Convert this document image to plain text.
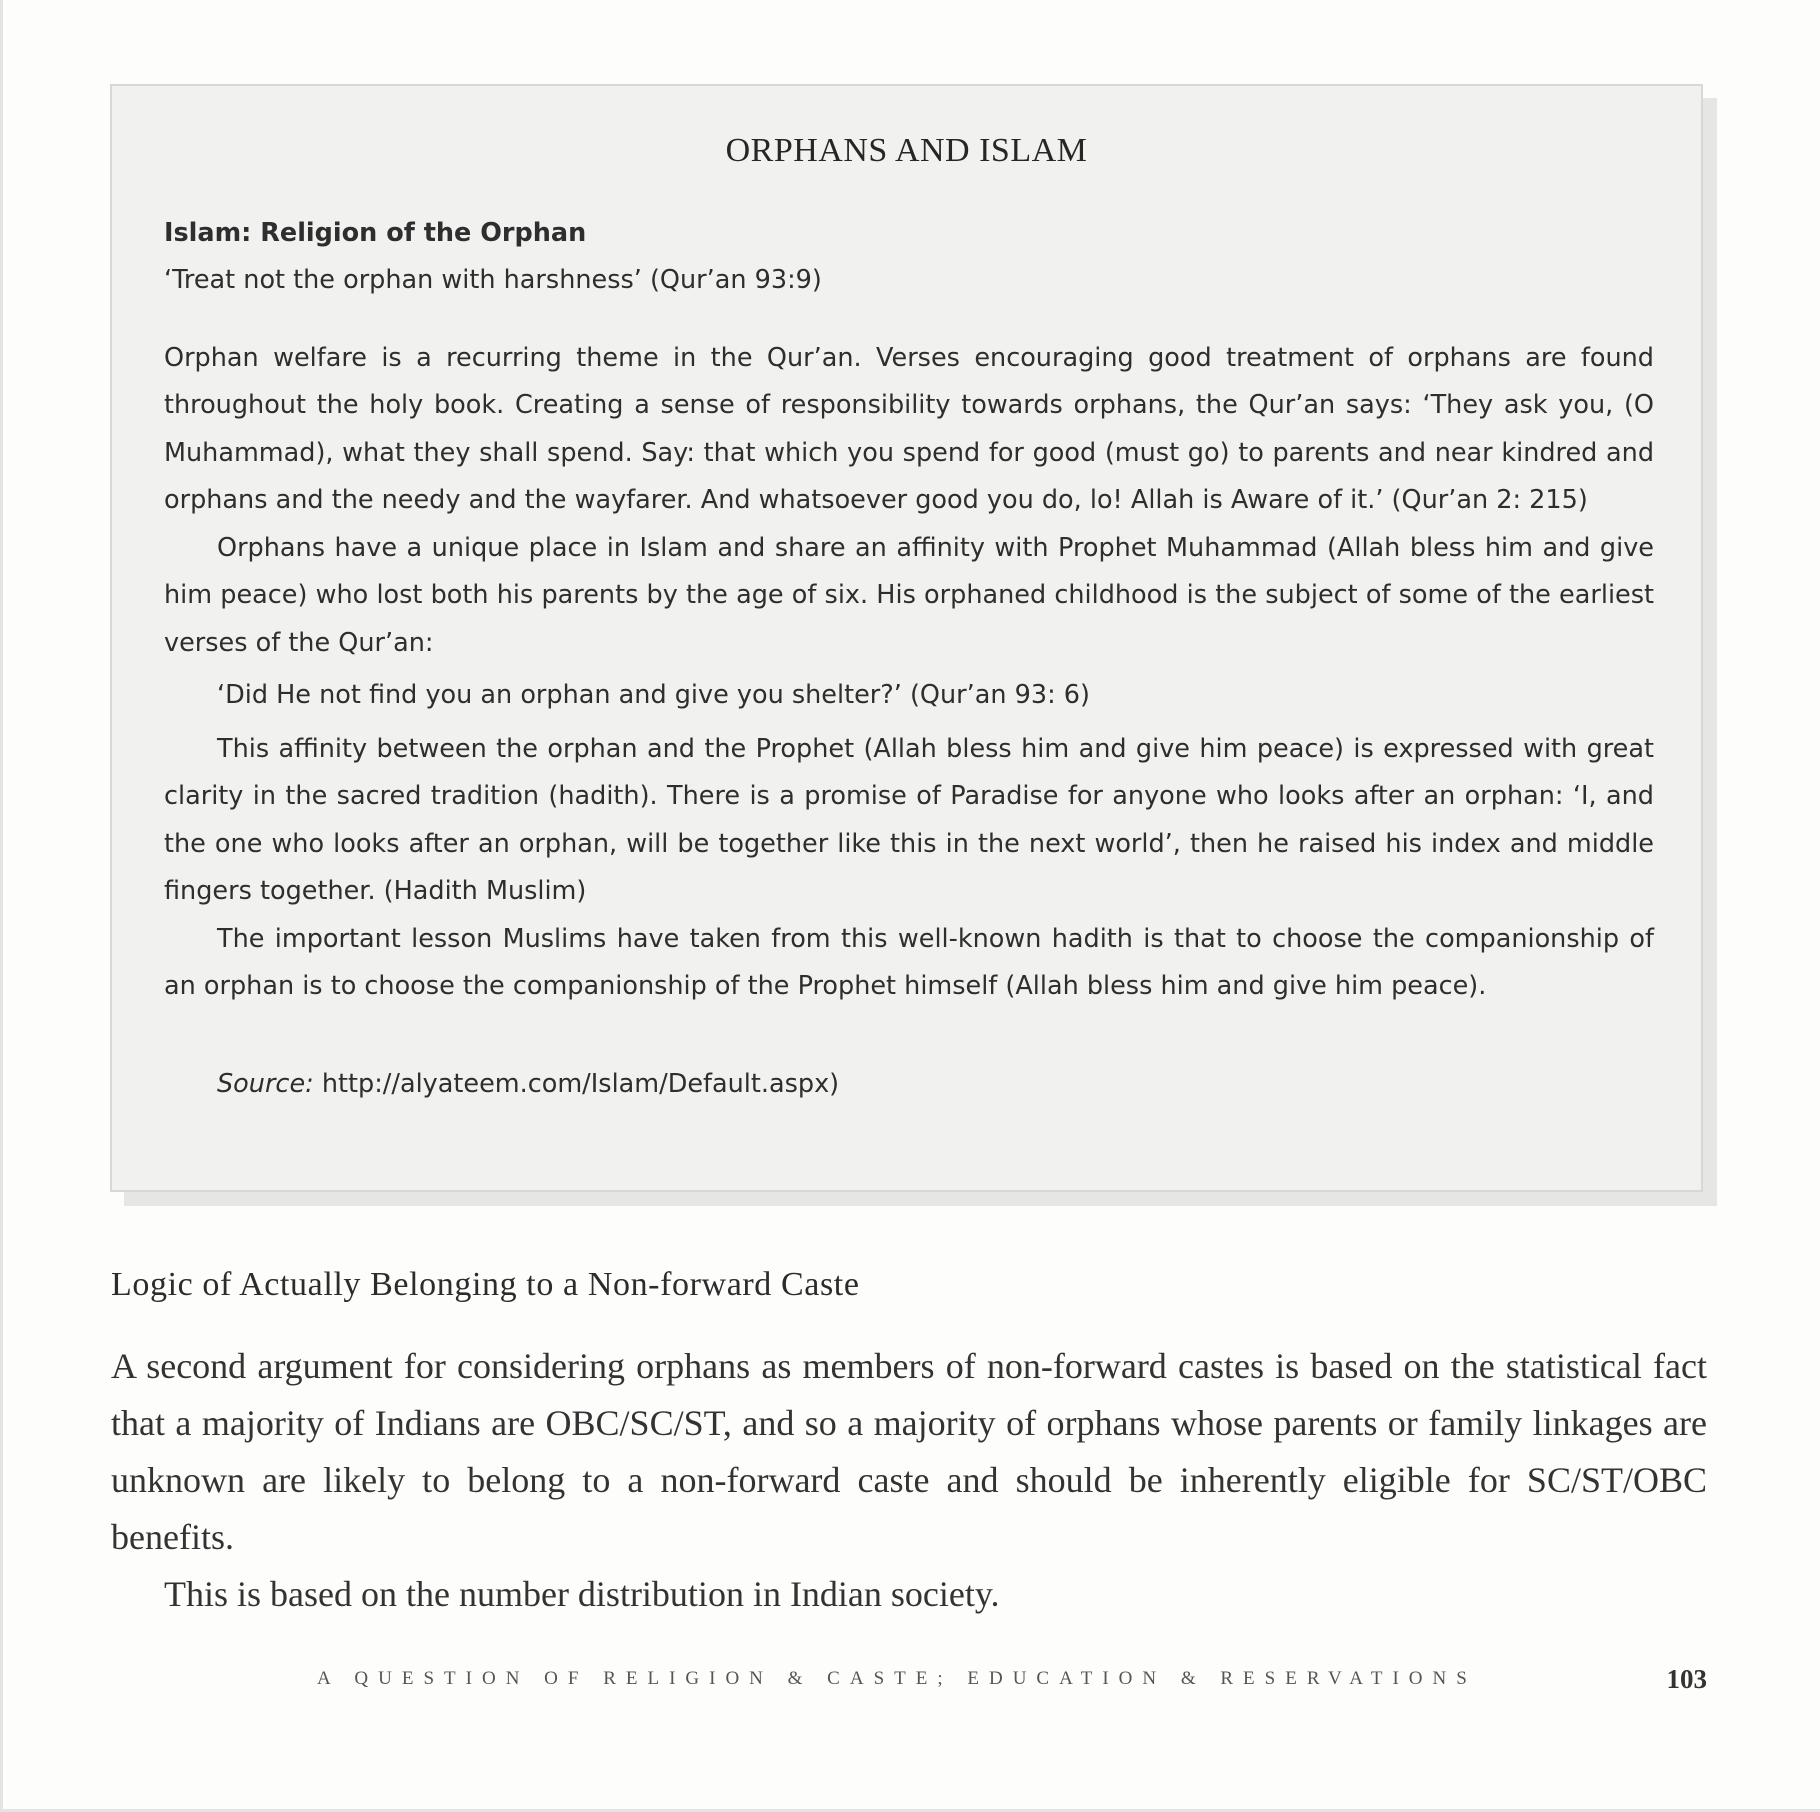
ORPHANS AND ISLAM

Islam: Religion of the Orphan

‘Treat not the orphan with harshness’ (Qur’an 93:9)

Orphan welfare is a recurring theme in the Qur’an. Verses encouraging good treatment of orphans are found throughout the holy book. Creating a sense of responsibility towards orphans, the Qur’an says: ‘They ask you, (O Muhammad), what they shall spend. Say: that which you spend for good (must go) to parents and near kindred and orphans and the needy and the wayfarer. And whatsoever good you do, lo! Allah is Aware of it.’ (Qur’an 2: 215)

Orphans have a unique place in Islam and share an affinity with Prophet Muhammad (Allah bless him and give him peace) who lost both his parents by the age of six. His orphaned childhood is the subject of some of the earliest verses of the Qur’an:

‘Did He not find you an orphan and give you shelter?’ (Qur’an 93: 6)

This affinity between the orphan and the Prophet (Allah bless him and give him peace) is expressed with great clarity in the sacred tradition (hadith). There is a promise of Paradise for anyone who looks after an orphan: ‘I, and the one who looks after an orphan, will be together like this in the next world’, then he raised his index and middle fingers together. (Hadith Muslim)

The important lesson Muslims have taken from this well-known hadith is that to choose the companionship of an orphan is to choose the companionship of the Prophet himself (Allah bless him and give him peace).

Source: http://alyateem.com/Islam/Default.aspx)

Logic of Actually Belonging to a Non-forward Caste

A second argument for considering orphans as members of non-forward castes is based on the statistical fact that a majority of Indians are OBC/SC/ST, and so a majority of orphans whose parents or family linkages are unknown are likely to belong to a non-forward caste and should be inherently eligible for SC/ST/OBC benefits.

This is based on the number distribution in Indian society.

A QUESTION OF RELIGION & CASTE; EDUCATION & RESERVATIONS	103
